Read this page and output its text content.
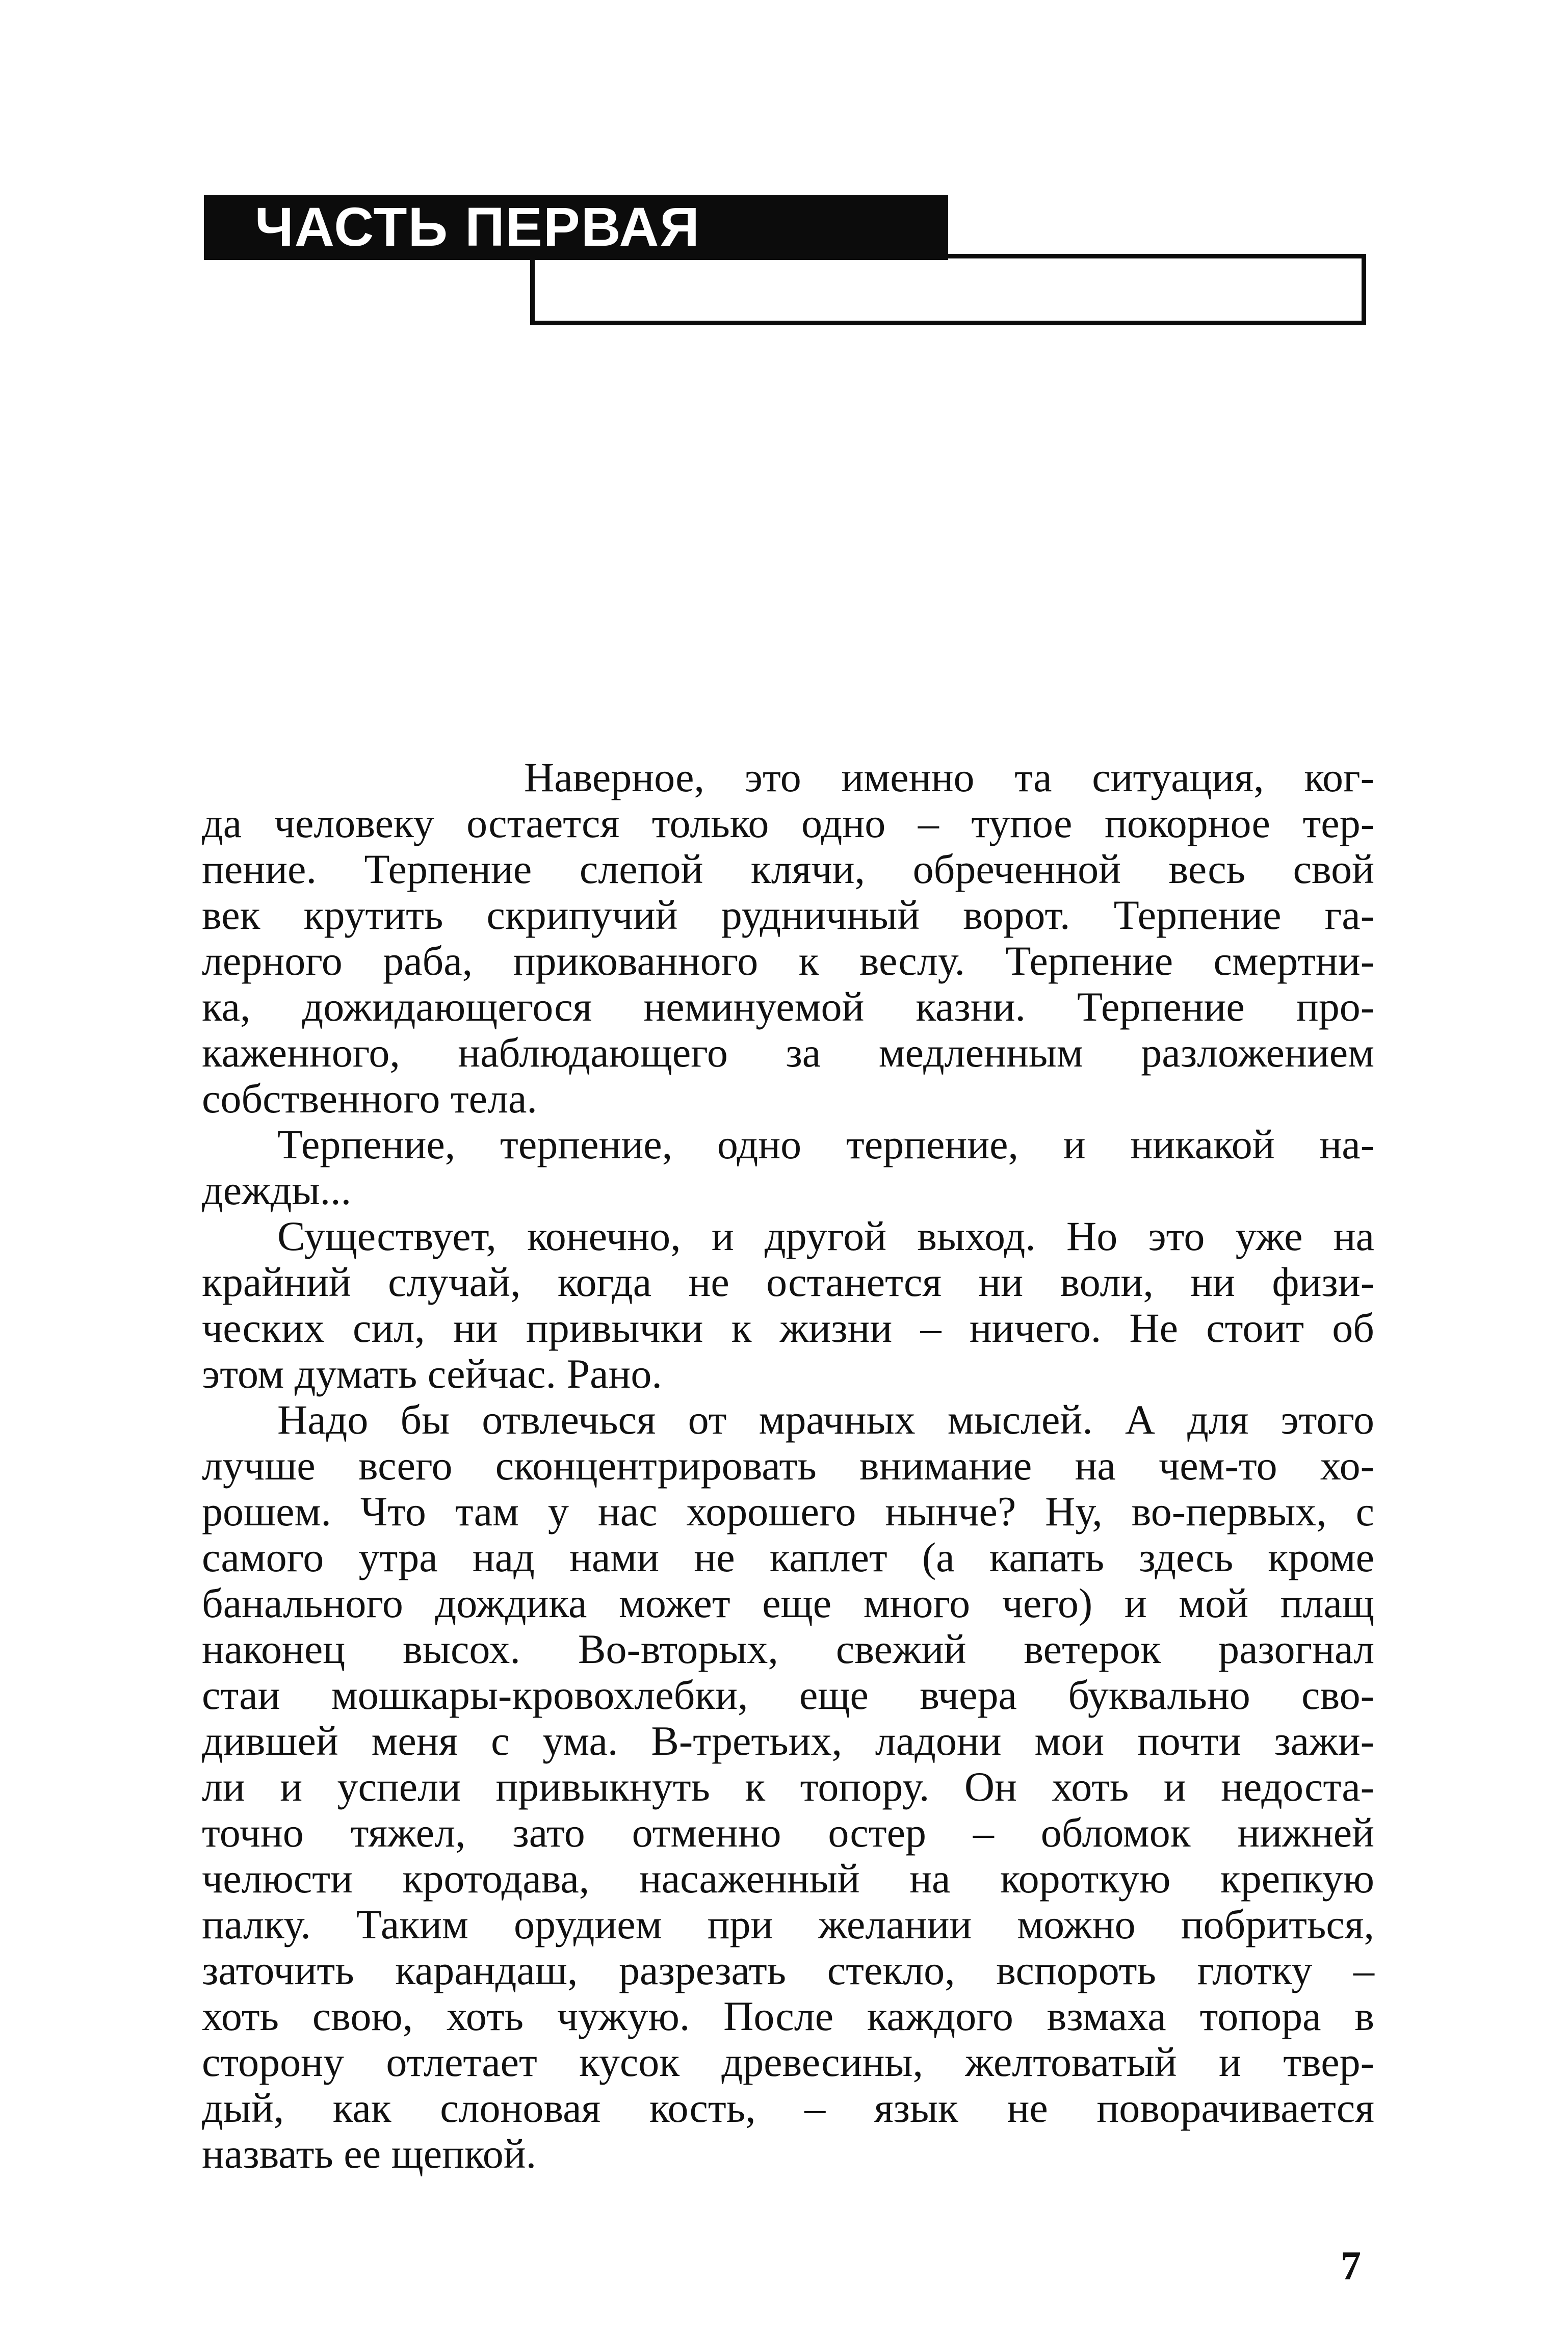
ЧАСТЬ ПЕРВАЯ

Наверное, это именно та ситуация, ког-
да человеку остается только одно – тупое покорное тер-
пение. Терпение слепой клячи, обреченной весь свой
век крутить скрипучий рудничный ворот. Терпение га-
лерного раба, прикованного к веслу. Терпение смертни-
ка, дожидающегося неминуемой казни. Терпение про-
каженного, наблюдающего за медленным разложением
собственного тела.

Терпение, терпение, одно терпение, и никакой на-
дежды...

Существует, конечно, и другой выход. Но это уже на
крайний случай, когда не останется ни воли, ни физи-
ческих сил, ни привычки к жизни – ничего. Не стоит об
этом думать сейчас. Рано.

Надо бы отвлечься от мрачных мыслей. А для этого
лучше всего сконцентрировать внимание на чем-то хо-
рошем. Что там у нас хорошего нынче? Ну, во-первых, с
самого утра над нами не каплет (а капать здесь кроме
банального дождика может еще много чего) и мой плащ
наконец высох. Во-вторых, свежий ветерок разогнал
стаи мошкары-кровохлебки, еще вчера буквально сво-
дившей меня с ума. В-третьих, ладони мои почти зажи-
ли и успели привыкнуть к топору. Он хоть и недоста-
точно тяжел, зато отменно остер – обломок нижней
челюсти кротодава, насаженный на короткую крепкую
палку. Таким орудием при желании можно побриться,
заточить карандаш, разрезать стекло, вспороть глотку –
хоть свою, хоть чужую. После каждого взмаха топора в
сторону отлетает кусок древесины, желтоватый и твер-
дый, как слоновая кость, – язык не поворачивается
назвать ее щепкой.

7
